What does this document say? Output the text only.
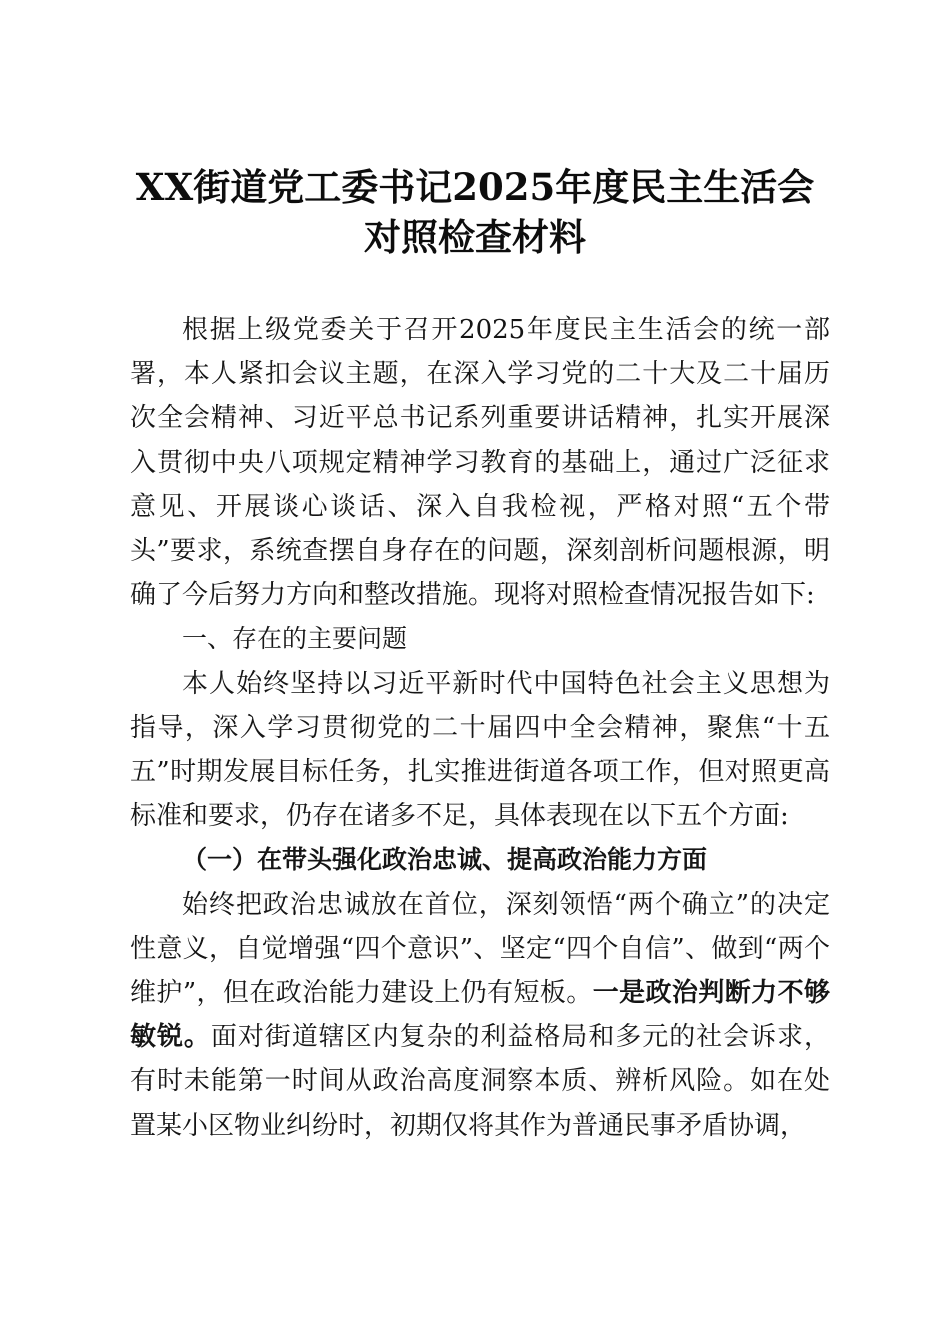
XX街道党工委书记2025年度民主生活会对照检查材料

根据上级党委关于召开2025年度民主生活会的统一部署，本人紧扣会议主题，在深入学习党的二十大及二十届历次全会精神、习近平总书记系列重要讲话精神，扎实开展深入贯彻中央八项规定精神学习教育的基础上，通过广泛征求意见、开展谈心谈话、深入自我检视，严格对照“五个带头”要求，系统查摆自身存在的问题，深刻剖析问题根源，明确了今后努力方向和整改措施。现将对照检查情况报告如下:

一、存在的主要问题

本人始终坚持以习近平新时代中国特色社会主义思想为指导，深入学习贯彻党的二十届四中全会精神，聚焦“十五五”时期发展目标任务，扎实推进街道各项工作，但对照更高标准和要求，仍存在诸多不足，具体表现在以下五个方面:

（一）在带头强化政治忠诚、提高政治能力方面

始终把政治忠诚放在首位，深刻领悟“两个确立”的决定性意义，自觉增强“四个意识”、坚定“四个自信”、做到“两个维护”，但在政治能力建设上仍有短板。一是政治判断力不够敏锐。面对街道辖区内复杂的利益格局和多元的社会诉求，有时未能第一时间从政治高度洞察本质、辨析风险。如在处置某小区物业纠纷时，初期仅将其作为普通民事矛盾协调，
